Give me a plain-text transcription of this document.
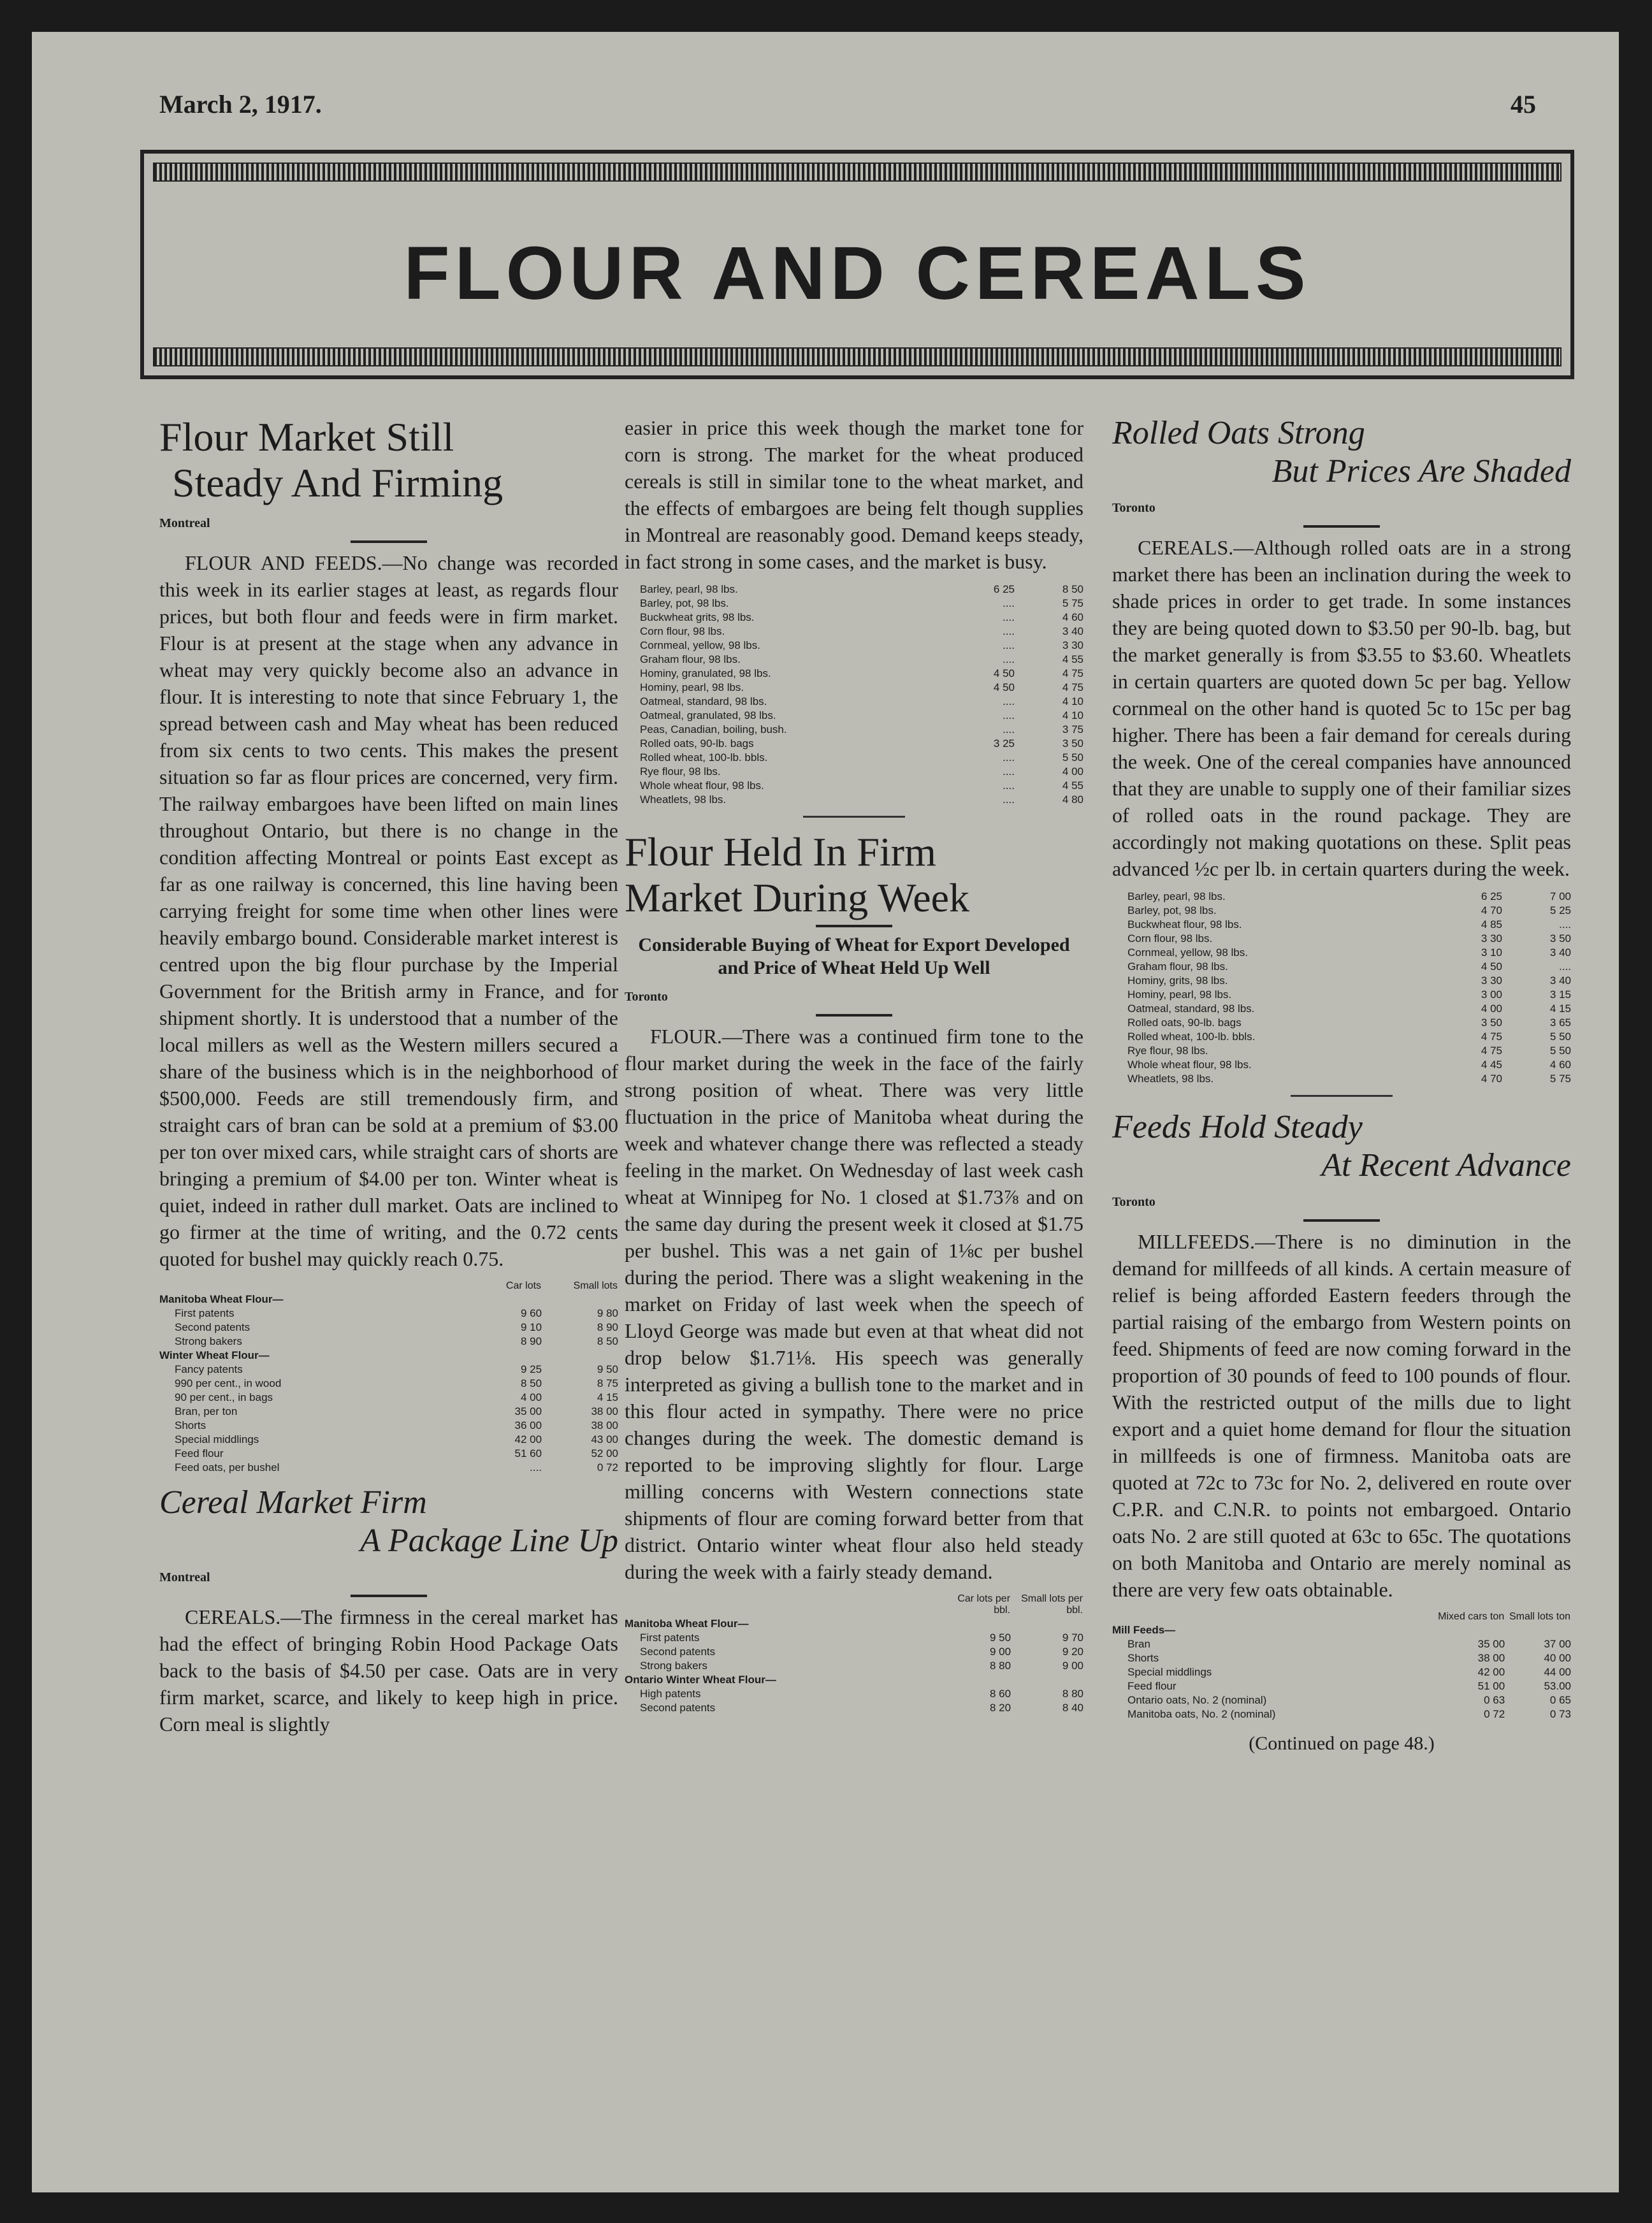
March 2, 1917.	45
FLOUR AND CEREALS
Flour Market Still
Steady And Firming
Montreal

FLOUR AND FEEDS.—No change was recorded this week in its earlier stages at least, as regards flour prices, but both flour and feeds were in firm market. Flour is at present at the stage when any advance in wheat may very quickly become also an advance in flour. It is interesting to note that since February 1, the spread between cash and May wheat has been reduced from six cents to two cents. This makes the present situation so far as flour prices are concerned, very firm. The railway embargoes have been lifted on main lines throughout Ontario, but there is no change in the condition affecting Montreal or points East except as far as one railway is concerned, this line having been carrying freight for some time when other lines were heavily embargo bound. Considerable market interest is centred upon the big flour purchase by the Imperial Government for the British army in France, and for shipment shortly. It is understood that a number of the local millers as well as the Western millers secured a share of the business which is in the neighborhood of $500,000. Feeds are still tremendously firm, and straight cars of bran can be sold at a premium of $3.00 per ton over mixed cars, while straight cars of shorts are bringing a premium of $4.00 per ton. Winter wheat is quiet, indeed in rather dull market. Oats are inclined to go firmer at the time of writing, and the 0.72 cents quoted for bushel may quickly reach 0.75.

	Car lots	Small lots
Manitoba Wheat Flour—		
First patents	9 60	9 80
Second patents	9 10	8 90
Strong bakers	8 90	8 50
Winter Wheat Flour—		
Fancy patents	9 25	9 50
990 per cent., in wood	8 50	8 75
90 per cent., in bags	4 00	4 15
Bran, per ton	35 00	38 00
Shorts	36 00	38 00
Special middlings	42 00	43 00
Feed flour	51 60	52 00
Feed oats, per bushel	....	0 72
Cereal Market Firm
A Package Line Up
Montreal

CEREALS.—The firmness in the cereal market has had the effect of bringing Robin Hood Package Oats back to the basis of $4.50 per case. Oats are in very firm market, scarce, and likely to keep high in price. Corn meal is slightly

easier in price this week though the market tone for corn is strong. The market for the wheat produced cereals is still in similar tone to the wheat market, and the effects of embargoes are being felt though supplies in Montreal are reasonably good. Demand keeps steady, in fact strong in some cases, and the market is busy.

Barley, pearl, 98 lbs.	6 25	8 50
Barley, pot, 98 lbs.	....	5 75
Buckwheat grits, 98 lbs.	....	4 60
Corn flour, 98 lbs.	....	3 40
Cornmeal, yellow, 98 lbs.	....	3 30
Graham flour, 98 lbs.	....	4 55
Hominy, granulated, 98 lbs.	4 50	4 75
Hominy, pearl, 98 lbs.	4 50	4 75
Oatmeal, standard, 98 lbs.	....	4 10
Oatmeal, granulated, 98 lbs.	....	4 10
Peas, Canadian, boiling, bush.	....	3 75
Rolled oats, 90-lb. bags	3 25	3 50
Rolled wheat, 100-lb. bbls.	....	5 50
Rye flour, 98 lbs.	....	4 00
Whole wheat flour, 98 lbs.	....	4 55
Wheatlets, 98 lbs.	....	4 80
Flour Held In Firm
Market During Week
Considerable Buying of Wheat for Export Developed and Price of Wheat Held Up Well
Toronto

FLOUR.—There was a continued firm tone to the flour market during the week in the face of the fairly strong position of wheat. There was very little fluctuation in the price of Manitoba wheat during the week and whatever change there was reflected a steady feeling in the market. On Wednesday of last week cash wheat at Winnipeg for No. 1 closed at $1.73⅞ and on the same day during the present week it closed at $1.75 per bushel. This was a net gain of 1⅛c per bushel during the period. There was a slight weakening in the market on Friday of last week when the speech of Lloyd George was made but even at that wheat did not drop below $1.71⅛. His speech was generally interpreted as giving a bullish tone to the market and in this flour acted in sympathy. There were no price changes during the week. The domestic demand is reported to be improving slightly for flour. Large milling concerns with Western connections state shipments of flour are coming forward better from that district. Ontario winter wheat flour also held steady during the week with a fairly steady demand.

	Car lots per bbl.	Small lots per bbl.
Manitoba Wheat Flour—		
First patents	9 50	9 70
Second patents	9 00	9 20
Strong bakers	8 80	9 00
Ontario Winter Wheat Flour—		
High patents	8 60	8 80
Second patents	8 20	8 40
Rolled Oats Strong
But Prices Are Shaded
Toronto

CEREALS.—Although rolled oats are in a strong market there has been an inclination during the week to shade prices in order to get trade. In some instances they are being quoted down to $3.50 per 90-lb. bag, but the market generally is from $3.55 to $3.60. Wheatlets in certain quarters are quoted down 5c per bag. Yellow cornmeal on the other hand is quoted 5c to 15c per bag higher. There has been a fair demand for cereals during the week. One of the cereal companies have announced that they are unable to supply one of their familiar sizes of rolled oats in the round package. They are accordingly not making quotations on these. Split peas advanced ½c per lb. in certain quarters during the week.

Barley, pearl, 98 lbs.	6 25	7 00
Barley, pot, 98 lbs.	4 70	5 25
Buckwheat flour, 98 lbs.	4 85	....
Corn flour, 98 lbs.	3 30	3 50
Cornmeal, yellow, 98 lbs.	3 10	3 40
Graham flour, 98 lbs.	4 50	....
Hominy, grits, 98 lbs.	3 30	3 40
Hominy, pearl, 98 lbs.	3 00	3 15
Oatmeal, standard, 98 lbs.	4 00	4 15
Rolled oats, 90-lb. bags	3 50	3 65
Rolled wheat, 100-lb. bbls.	4 75	5 50
Rye flour, 98 lbs.	4 75	5 50
Whole wheat flour, 98 lbs.	4 45	4 60
Wheatlets, 98 lbs.	4 70	5 75
Feeds Hold Steady
At Recent Advance
Toronto

MILLFEEDS.—There is no diminution in the demand for millfeeds of all kinds. A certain measure of relief is being afforded Eastern feeders through the partial raising of the embargo from Western points on feed. Shipments of feed are now coming forward in the proportion of 30 pounds of feed to 100 pounds of flour. With the restricted output of the mills due to light export and a quiet home demand for flour the situation in millfeeds is one of firmness. Manitoba oats are quoted at 72c to 73c for No. 2, delivered en route over C.P.R. and C.N.R. to points not embargoed. Ontario oats No. 2 are still quoted at 63c to 65c. The quotations on both Manitoba and Ontario are merely nominal as there are very few oats obtainable.

	Mixed cars ton	Small lots ton
Mill Feeds—		
Bran	35 00	37 00
Shorts	38 00	40 00
Special middlings	42 00	44 00
Feed flour	51 00	53.00
Ontario oats, No. 2 (nominal)	0 63	0 65
Manitoba oats, No. 2 (nominal)	0 72	0 73
(Continued on page 48.)
